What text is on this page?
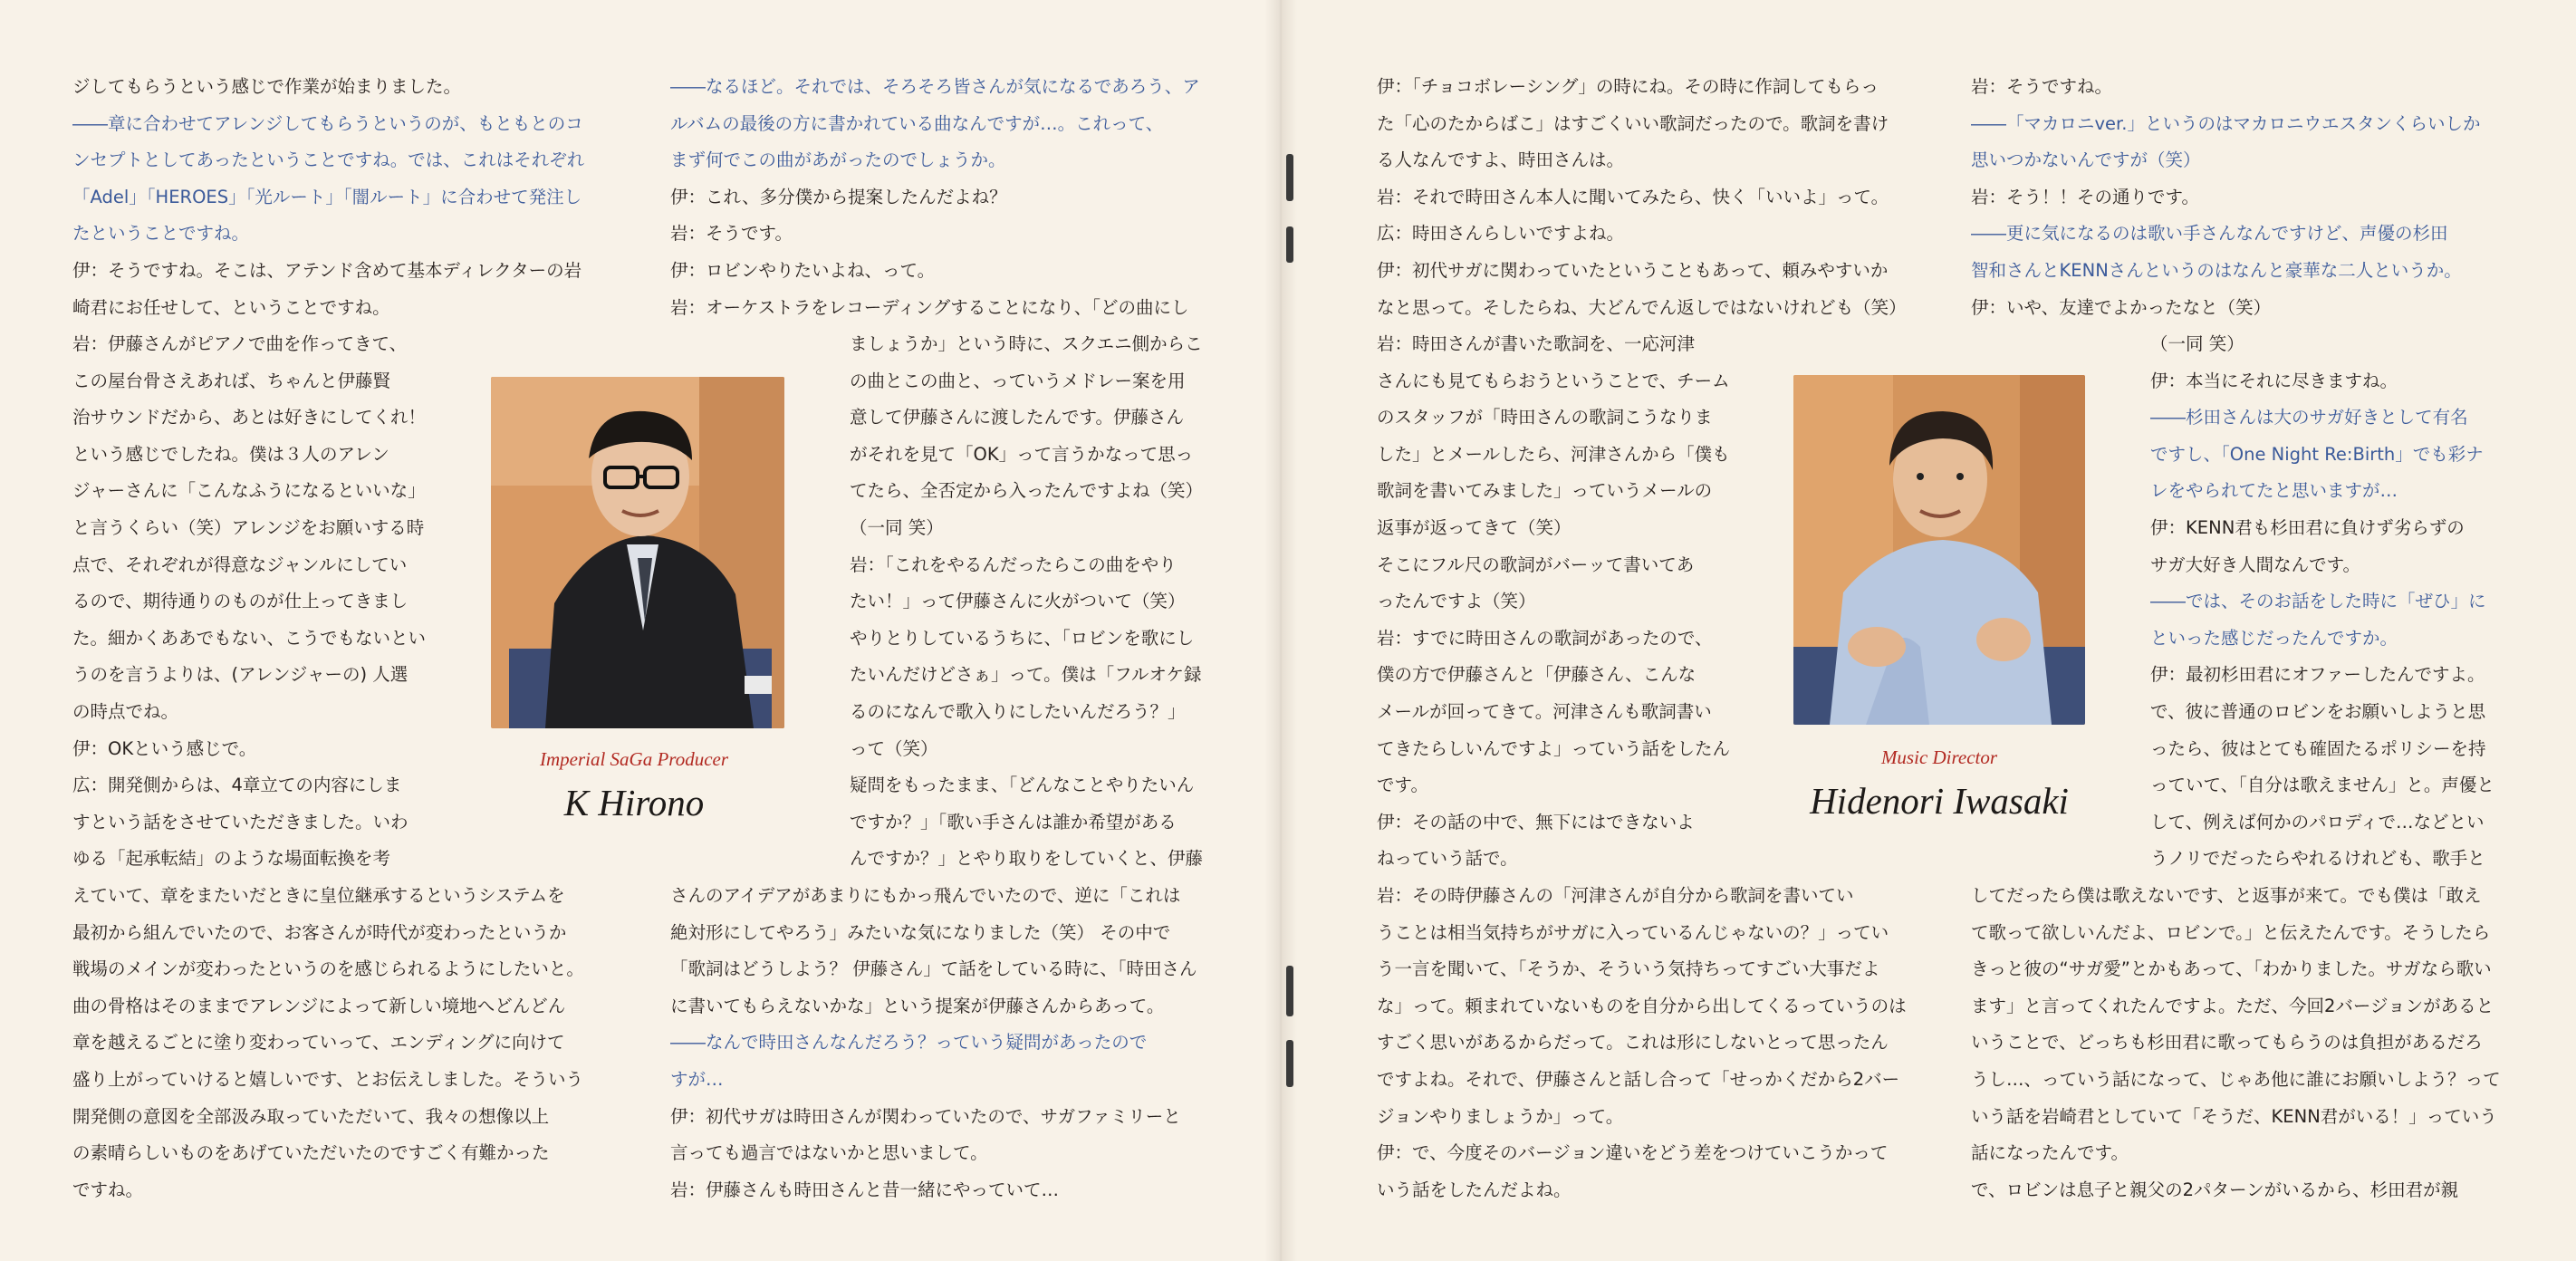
ジしてもらうという感じで作業が始まりました。

――章に合わせてアレンジしてもらうというのが、もともとのコ

ンセプトとしてあったということですね。では、これはそれぞれ

「Adel」「HEROES」「光ルート」「闇ルート」に合わせて発注し

たということですね。

伊：そうですね。そこは、アテンド含めて基本ディレクターの岩

崎君にお任せして、ということですね。

岩：伊藤さんがピアノで曲を作ってきて、

この屋台骨さえあれば、ちゃんと伊藤賢

治サウンドだから、あとは好きにしてくれ！

という感じでしたね。僕は３人のアレン

ジャーさんに「こんなふうになるといいな」

と言うくらい（笑）アレンジをお願いする時

点で、それぞれが得意なジャンルにしてい

るので、期待通りのものが仕上ってきまし

た。細かくああでもない、こうでもないとい

うのを言うよりは、(アレンジャーの) 人選

の時点でね。

伊：OKという感じで。

広：開発側からは、4章立ての内容にしま

すという話をさせていただきました。いわ

ゆる「起承転結」のような場面転換を考

えていて、章をまたいだときに皇位継承するというシステムを

最初から組んでいたので、お客さんが時代が変わったというか

戦場のメインが変わったというのを感じられるようにしたいと。

曲の骨格はそのままでアレンジによって新しい境地へどんどん

章を越えるごとに塗り変わっていって、エンディングに向けて

盛り上がっていけると嬉しいです、とお伝えしました。そういう

開発側の意図を全部汲み取っていただいて、我々の想像以上

の素晴らしいものをあげていただいたのですごく有難かった

ですね。

――なるほど。それでは、そろそろ皆さんが気になるであろう、ア

ルバムの最後の方に書かれている曲なんですが…。これって、

まず何でこの曲があがったのでしょうか。

伊：これ、多分僕から提案したんだよね？

岩：そうです。

伊：ロビンやりたいよね、って。

岩：オーケストラをレコーディングすることになり、「どの曲にし

ましょうか」という時に、スクエニ側からこ

の曲とこの曲と、っていうメドレー案を用

意して伊藤さんに渡したんです。伊藤さん

がそれを見て「OK」って言うかなって思っ

てたら、全否定から入ったんですよね（笑）

（一同 笑）

岩：「これをやるんだったらこの曲をやり

たい！」って伊藤さんに火がついて（笑）

やりとりしているうちに、「ロビンを歌にし

たいんだけどさぁ」って。僕は「フルオケ録

るのになんで歌入りにしたいんだろう？」

って（笑）

疑問をもったまま、「どんなことやりたいん

ですか？」「歌い手さんは誰か希望がある

んですか？」とやり取りをしていくと、伊藤

さんのアイデアがあまりにもかっ飛んでいたので、逆に「これは

絶対形にしてやろう」みたいな気になりました（笑） その中で

「歌詞はどうしよう？ 伊藤さん」て話をしている時に、「時田さん

に書いてもらえないかな」という提案が伊藤さんからあって。

――なんで時田さんなんだろう？っていう疑問があったので

すが…

伊：初代サガは時田さんが関わっていたので、サガファミリーと

言っても過言ではないかと思いまして。

岩：伊藤さんも時田さんと昔一緒にやっていて…

Imperial SaGa Producer
K Hirono

伊：「チョコボレーシング」の時にね。その時に作詞してもらっ

た「心のたからばこ」はすごくいい歌詞だったので。歌詞を書け

る人なんですよ、時田さんは。

岩：それで時田さん本人に聞いてみたら、快く「いいよ」って。

広：時田さんらしいですよね。

伊：初代サガに関わっていたということもあって、頼みやすいか

なと思って。そしたらね、大どんでん返しではないけれども（笑）

岩：時田さんが書いた歌詞を、一応河津

さんにも見てもらおうということで、チーム

のスタッフが「時田さんの歌詞こうなりま

した」とメールしたら、河津さんから「僕も

歌詞を書いてみました」っていうメールの

返事が返ってきて（笑）

そこにフル尺の歌詞がバーッて書いてあ

ったんですよ（笑）

岩：すでに時田さんの歌詞があったので、

僕の方で伊藤さんと「伊藤さん、こんな

メールが回ってきて。河津さんも歌詞書い

てきたらしいんですよ」っていう話をしたん

です。

伊：その話の中で、無下にはできないよ

ねっていう話で。

岩：その時伊藤さんの「河津さんが自分から歌詞を書いてい

うことは相当気持ちがサガに入っているんじゃないの？」ってい

う一言を聞いて、「そうか、そういう気持ちってすごい大事だよ

な」って。頼まれていないものを自分から出してくるっていうのは

すごく思いがあるからだって。これは形にしないとって思ったん

ですよね。それで、伊藤さんと話し合って「せっかくだから2バー

ジョンやりましょうか」って。

伊：で、今度そのバージョン違いをどう差をつけていこうかって

いう話をしたんだよね。

岩：そうですね。

――「マカロニver.」というのはマカロニウエスタンくらいしか

思いつかないんですが（笑）

岩：そう！！その通りです。

――更に気になるのは歌い手さんなんですけど、声優の杉田

智和さんとKENNさんというのはなんと豪華な二人というか。

伊：いや、友達でよかったなと（笑）

（一同 笑）

伊：本当にそれに尽きますね。

――杉田さんは大のサガ好きとして有名

ですし、「One Night Re:Birth」でも彩ナ

レをやられてたと思いますが…

伊：KENN君も杉田君に負けず劣らずの

サガ大好き人間なんです。

――では、そのお話をした時に「ぜひ」に

といった感じだったんですか。

伊：最初杉田君にオファーしたんですよ。

で、彼に普通のロビンをお願いしようと思

ったら、彼はとても確固たるポリシーを持

っていて、「自分は歌えません」と。声優と

して、例えば何かのパロディで…などとい

うノリでだったらやれるけれども、歌手と

してだったら僕は歌えないです、と返事が来て。でも僕は「敢え

て歌って欲しいんだよ、ロビンで。」と伝えたんです。そうしたら

きっと彼の“サガ愛”とかもあって、「わかりました。サガなら歌い

ます」と言ってくれたんですよ。ただ、今回2バージョンがあると

いうことで、どっちも杉田君に歌ってもらうのは負担があるだろ

うし…、っていう話になって、じゃあ他に誰にお願いしよう？って

いう話を岩崎君としていて「そうだ、KENN君がいる！」っていう

話になったんです。

で、ロビンは息子と親父の2パターンがいるから、杉田君が親

Music Director
Hidenori Iwasaki
